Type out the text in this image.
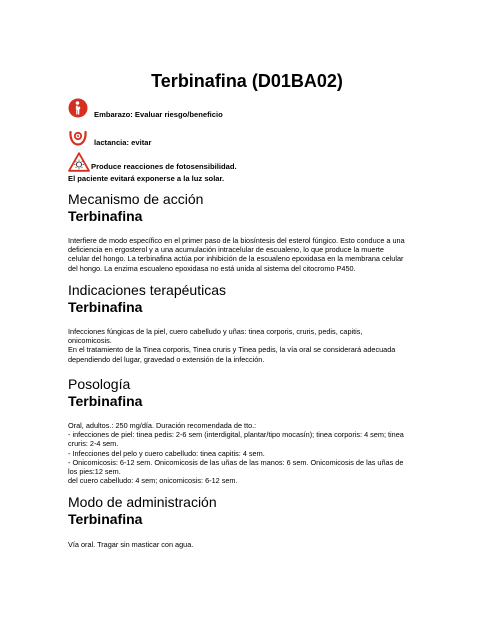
Terbinafina (D01BA02)
Embarazo: Evaluar riesgo/beneficio
lactancia: evitar
Produce reacciones de fotosensibilidad.
El paciente evitará exponerse a la luz solar.
Mecanismo de acción
Terbinafina
Interfiere de modo específico en el primer paso de la biosíntesis del esterol fúngico. Esto conduce a una
deficiencia en ergosterol y a una acumulación intracelular de escualeno, lo que produce la muerte
celular del hongo. La terbinafina actúa por inhibición de la escualeno epoxidasa en la membrana celular
del hongo. La enzima escualeno epoxidasa no está unida al sistema del citocromo P450.
Indicaciones terapéuticas
Terbinafina
Infecciones fúngicas de la piel, cuero cabelludo y uñas: tinea corporis, cruris, pedis, capitis,
onicomicosis.
En el tratamiento de la Tinea corporis, Tinea cruris y Tinea pedis, la vía oral se considerará adecuada
dependiendo del lugar, gravedad o extensión de la infección.
Posología
Terbinafina
Oral, adultos.: 250 mg/día. Duración recomendada de tto.:
- infecciones de piel: tinea pedis: 2-6 sem (interdigital, plantar/tipo mocasín); tinea corporis: 4 sem; tinea
cruris: 2-4 sem.
- Infecciones del pelo y cuero cabelludo: tinea capitis: 4 sem.
- Onicomicosis: 6-12 sem. Onicomicosis de las uñas de las manos: 6 sem. Onicomicosis de las uñas de
los pies:12 sem.
del cuero cabelludo: 4 sem; onicomicosis: 6-12 sem.
Modo de administración
Terbinafina
Vía oral. Tragar sin masticar con agua.
